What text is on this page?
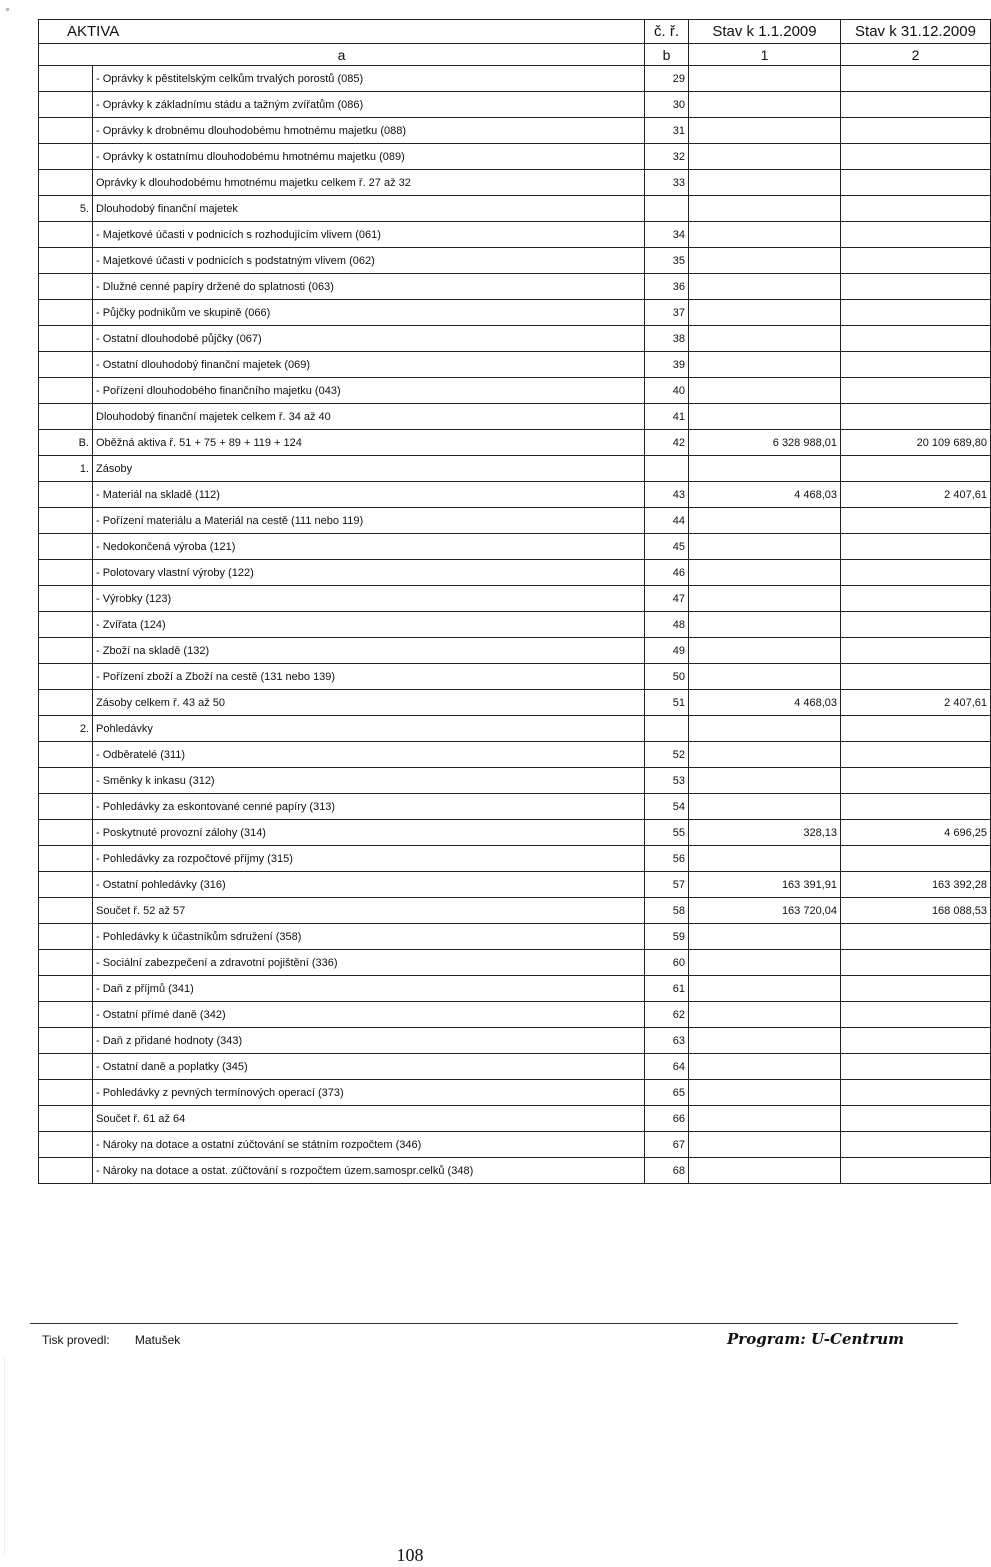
AKTIVA		č. ř.	Stav k 1.1.2009	Stav k 31.12.2009
a		b	1	2
	- Oprávky k pěstitelským celkům trvalých porostů (085)	29		
	- Oprávky k základnímu stádu a tažným zvířatům (086)	30		
	- Oprávky k drobnému dlouhodobému hmotnému majetku (088)	31		
	- Oprávky k ostatnímu dlouhodobému hmotnému majetku (089)	32		
	Oprávky k dlouhodobému hmotnému majetku celkem ř. 27 až 32	33		
5.	Dlouhodobý finanční majetek			
	- Majetkové účasti v podnicích s rozhodujícím vlivem (061)	34		
	- Majetkové účasti v podnicích s podstatným vlivem (062)	35		
	- Dlužné cenné papíry držené do splatnosti (063)	36		
	- Půjčky podnikům ve skupině (066)	37		
	- Ostatní dlouhodobé půjčky (067)	38		
	- Ostatní dlouhodobý finanční majetek (069)	39		
	- Pořízení dlouhodobého finančního majetku (043)	40		
	Dlouhodobý finanční majetek celkem ř. 34 až 40	41		
B.	Oběžná aktiva ř. 51 + 75 + 89 + 119 + 124	42	6 328 988,01	20 109 689,80
1.	Zásoby			
	- Materiál na skladě (112)	43	4 468,03	2 407,61
	- Pořízení materiálu a Materiál na cestě (111 nebo 119)	44		
	- Nedokončená výroba (121)	45		
	- Polotovary vlastní výroby (122)	46		
	- Výrobky (123)	47		
	- Zvířata (124)	48		
	- Zboží na skladě (132)	49		
	- Pořízení zboží a Zboží na cestě (131 nebo 139)	50		
	Zásoby celkem ř. 43 až 50	51	4 468,03	2 407,61
2.	Pohledávky			
	- Odběratelé (311)	52		
	- Směnky k inkasu (312)	53		
	- Pohledávky za eskontované cenné papíry (313)	54		
	- Poskytnuté provozní zálohy (314)	55	328,13	4 696,25
	- Pohledávky za rozpočtové příjmy (315)	56		
	- Ostatní pohledávky (316)	57	163 391,91	163 392,28
	Součet ř. 52 až 57	58	163 720,04	168 088,53
	- Pohledávky k účastníkům sdružení (358)	59		
	- Sociální zabezpečení a zdravotní pojištění (336)	60		
	- Daň z příjmů (341)	61		
	- Ostatní přímé daně (342)	62		
	- Daň z přidané hodnoty (343)	63		
	- Ostatní daně a poplatky (345)	64		
	- Pohledávky z pevných termínových operací (373)	65		
	Součet ř. 61 až 64	66		
	- Nároky na dotace a ostatní zúčtování se státním rozpočtem (346)	67		
	- Nároky na dotace a ostat. zúčtování s rozpočtem územ.samospr.celků (348)	68		
Tisk provedl: Matušek	Program: U-Centrum
108
